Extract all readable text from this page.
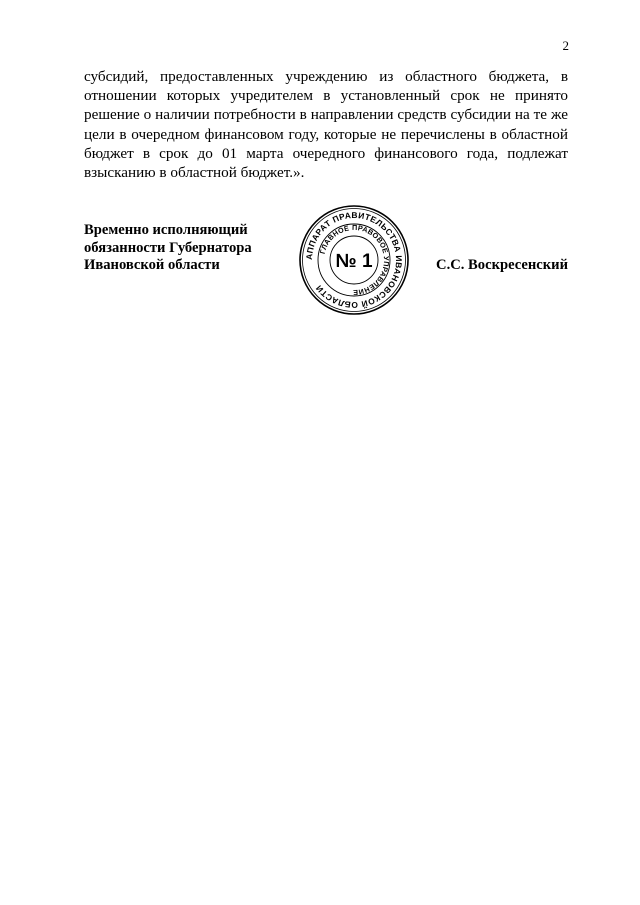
2

субсидий, предоставленных учреждению из областного бюджета, в отношении которых учредителем в установленный срок не принято решение о наличии потребности в направлении средств субсидии на те же цели в очередном финансовом году, которые не перечислены в областной бюджет в срок до 01 марта очередного финансового года, подлежат взысканию в областной бюджет.».

Временно исполняющий
обязанности Губернатора
Ивановской области
АППАРАТ ПРАВИТЕЛЬСТВА ИВАНОВСКОЙ ОБЛАСТИ
ГЛАВНОЕ ПРАВОВОЕ УПРАВЛЕНИЕ
№ 1	С.С. Воскресенский
